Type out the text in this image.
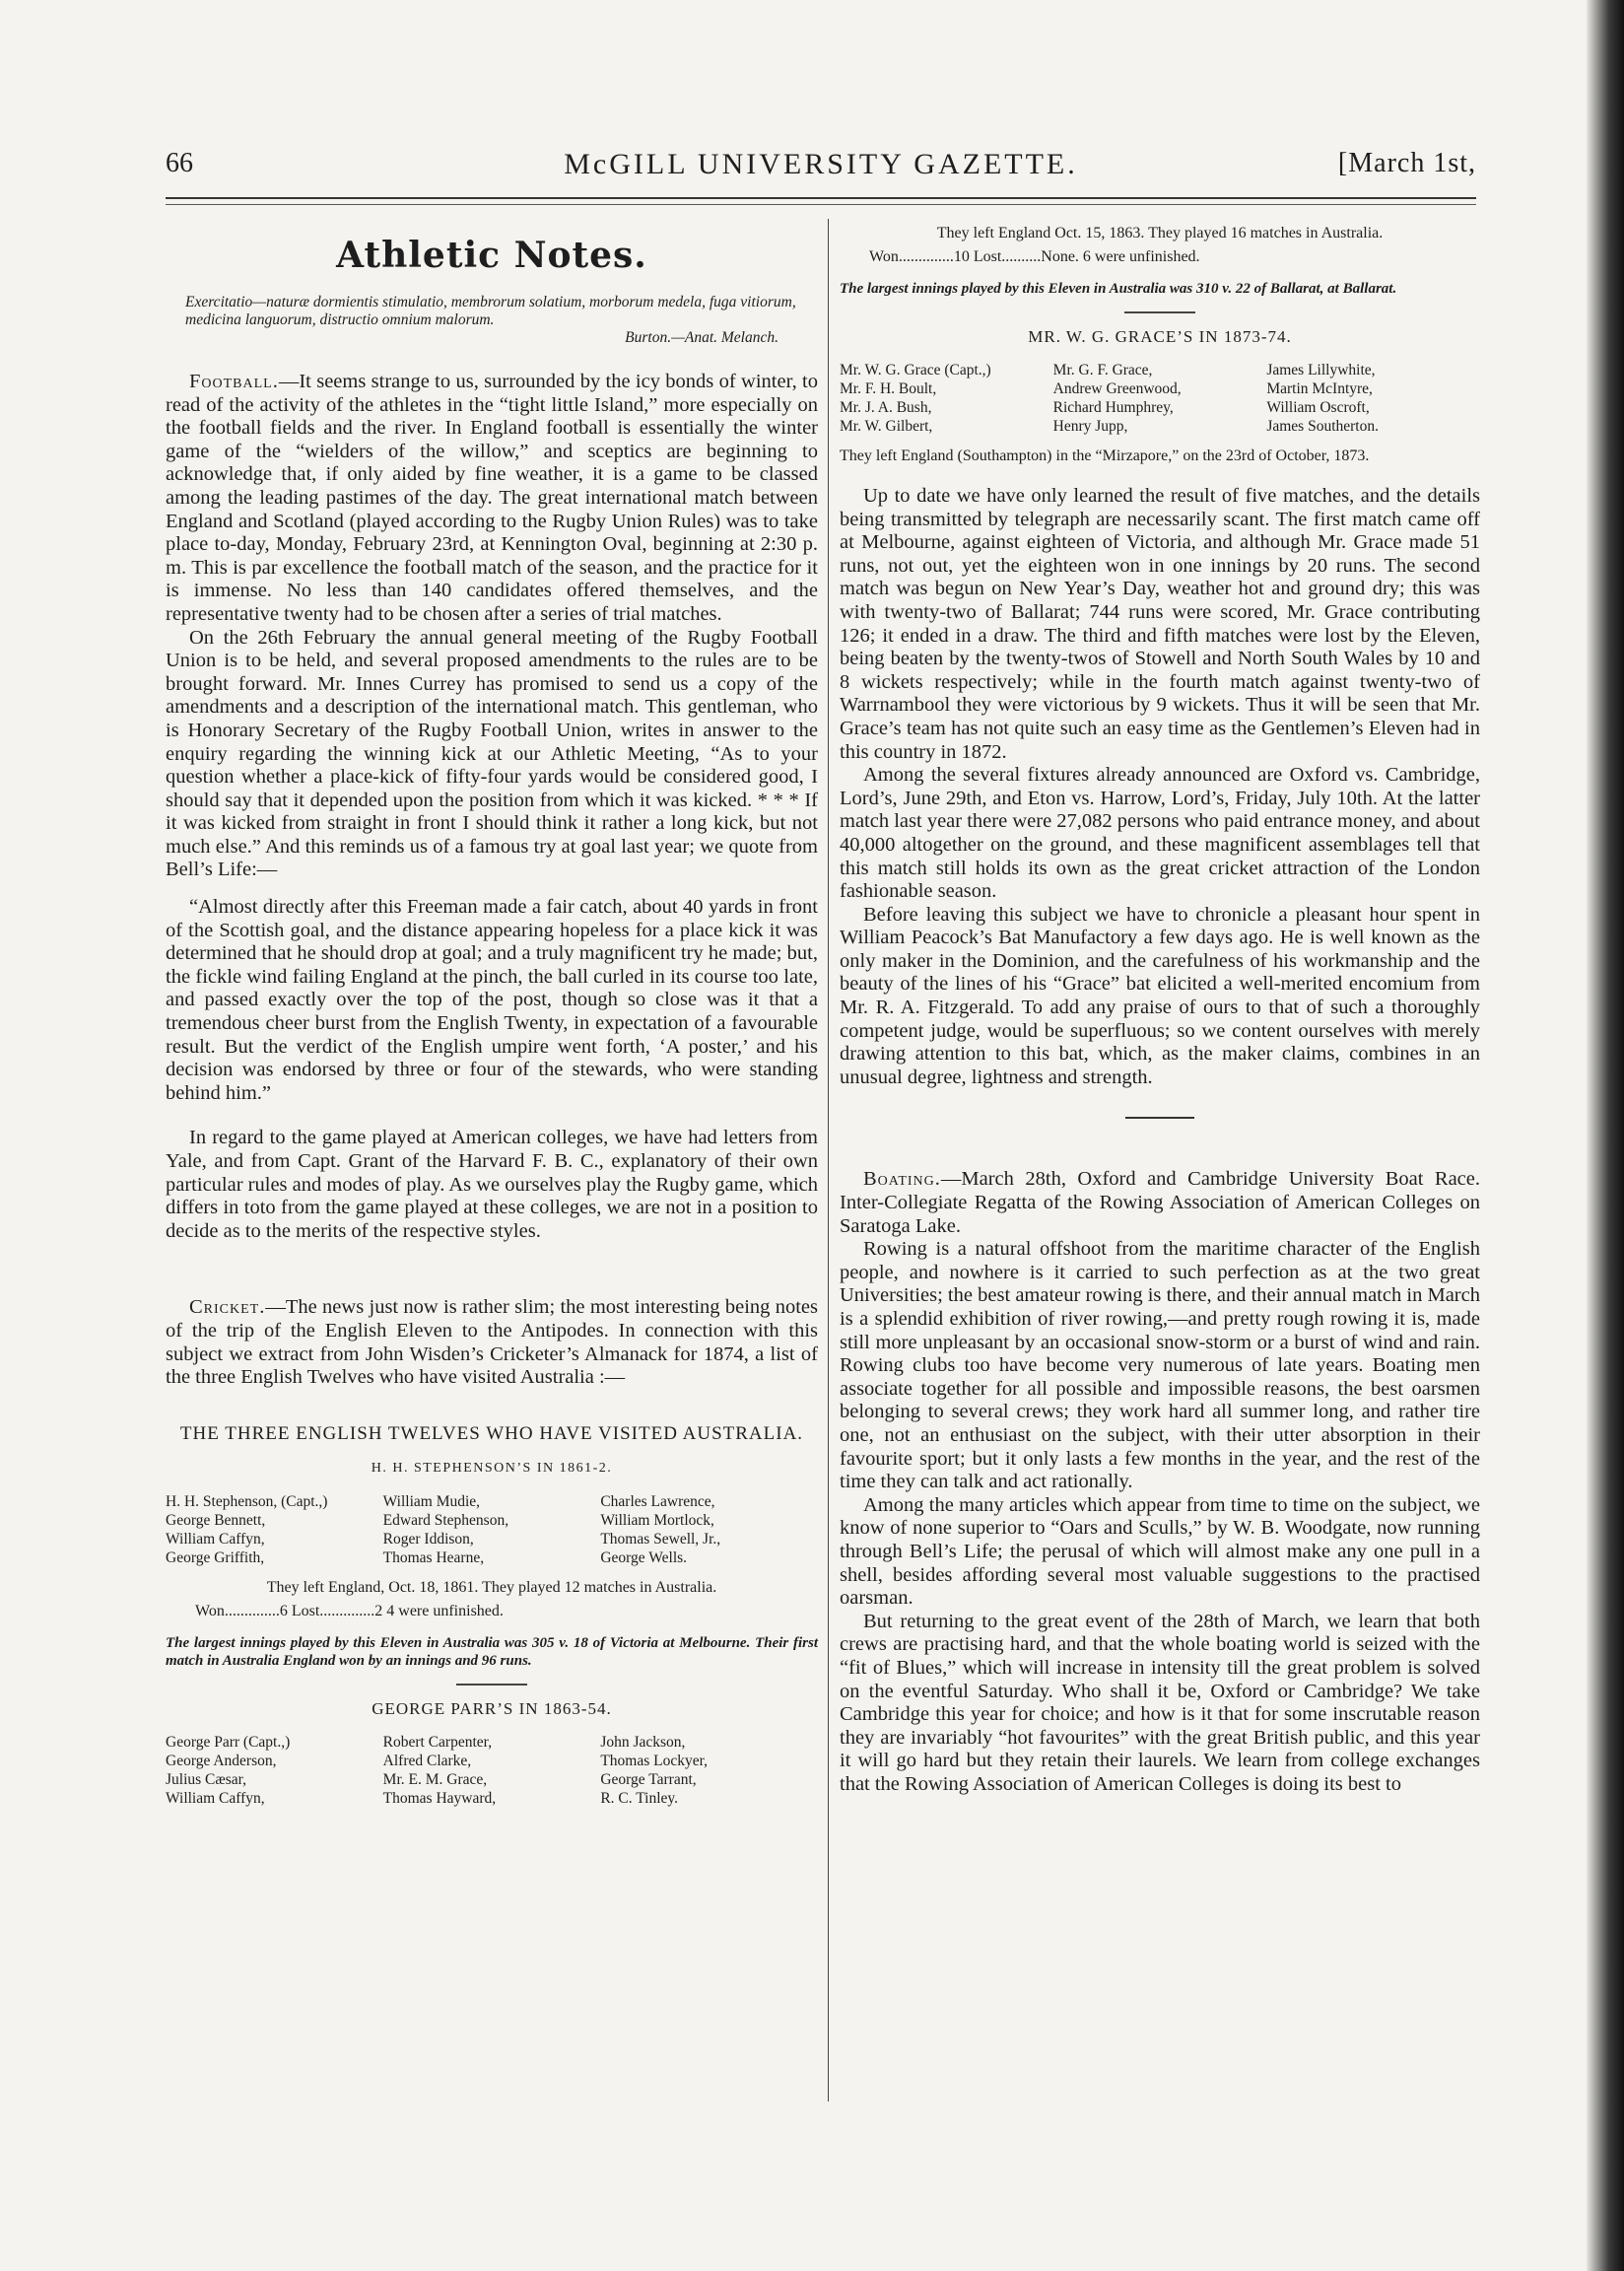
66	McGILL UNIVERSITY GAZETTE.	[March 1st,
Athletic Notes.
Exercitatio—naturæ dormientis stimulatio, membrorum solatium, morborum medela, fuga vitiorum, medicina languorum, distructio omnium malorum.
Burton.—Anat. Melanch.

Football.—It seems strange to us, surrounded by the icy bonds of winter, to read of the activity of the athletes in the “tight little Island,” more especially on the football fields and the river. In England football is essentially the winter game of the “wielders of the willow,” and sceptics are beginning to acknowledge that, if only aided by fine weather, it is a game to be classed among the leading pastimes of the day. The great international match between England and Scotland (played according to the Rugby Union Rules) was to take place to-day, Monday, February 23rd, at Kennington Oval, beginning at 2:30 p. m. This is par excellence the football match of the season, and the practice for it is immense. No less than 140 candidates offered themselves, and the representative twenty had to be chosen after a series of trial matches.

On the 26th February the annual general meeting of the Rugby Football Union is to be held, and several proposed amendments to the rules are to be brought forward. Mr. Innes Currey has promised to send us a copy of the amendments and a description of the international match. This gentleman, who is Honorary Secretary of the Rugby Football Union, writes in answer to the enquiry regarding the winning kick at our Athletic Meeting, “As to your question whether a place-kick of fifty-four yards would be considered good, I should say that it depended upon the position from which it was kicked. * * * If it was kicked from straight in front I should think it rather a long kick, but not much else.” And this reminds us of a famous try at goal last year; we quote from Bell’s Life:—

“Almost directly after this Freeman made a fair catch, about 40 yards in front of the Scottish goal, and the distance appearing hopeless for a place kick it was determined that he should drop at goal; and a truly magnificent try he made; but, the fickle wind failing England at the pinch, the ball curled in its course too late, and passed exactly over the top of the post, though so close was it that a tremendous cheer burst from the English Twenty, in expectation of a favourable result. But the verdict of the English umpire went forth, ‘A poster,’ and his decision was endorsed by three or four of the stewards, who were standing behind him.”

In regard to the game played at American colleges, we have had letters from Yale, and from Capt. Grant of the Harvard F. B. C., explanatory of their own particular rules and modes of play. As we ourselves play the Rugby game, which differs in toto from the game played at these colleges, we are not in a position to decide as to the merits of the respective styles.

Cricket.—The news just now is rather slim; the most interesting being notes of the trip of the English Eleven to the Antipodes. In connection with this subject we extract from John Wisden’s Cricketer’s Almanack for 1874, a list of the three English Twelves who have visited Australia :—

THE THREE ENGLISH TWELVES WHO HAVE VISITED AUSTRALIA.
H. H. STEPHENSON’S IN 1861-2.
H. H. Stephenson, (Capt.,)	William Mudie,	Charles Lawrence,
George Bennett,	Edward Stephenson,	William Mortlock,
William Caffyn,	Roger Iddison,	Thomas Sewell, Jr.,
George Griffith,	Thomas Hearne,	George Wells.
They left England, Oct. 18, 1861. They played 12 matches in Australia.
Won..............6 Lost..............2 4 were unfinished.
The largest innings played by this Eleven in Australia was 305 v. 18 of Victoria at Melbourne. Their first match in Australia England won by an innings and 96 runs.
GEORGE PARR’S IN 1863-54.
George Parr (Capt.,)	Robert Carpenter,	John Jackson,
George Anderson,	Alfred Clarke,	Thomas Lockyer,
Julius Cæsar,	Mr. E. M. Grace,	George Tarrant,
William Caffyn,	Thomas Hayward,	R. C. Tinley.
They left England Oct. 15, 1863. They played 16 matches in Australia.
Won..............10 Lost..........None. 6 were unfinished.
The largest innings played by this Eleven in Australia was 310 v. 22 of Ballarat, at Ballarat.
MR. W. G. GRACE’S IN 1873-74.
Mr. W. G. Grace (Capt.,)	Mr. G. F. Grace,	James Lillywhite,
Mr. F. H. Boult,	Andrew Greenwood,	Martin McIntyre,
Mr. J. A. Bush,	Richard Humphrey,	William Oscroft,
Mr. W. Gilbert,	Henry Jupp,	James Southerton.
They left England (Southampton) in the “Mirzapore,” on the 23rd of October, 1873.

Up to date we have only learned the result of five matches, and the details being transmitted by telegraph are necessarily scant. The first match came off at Melbourne, against eighteen of Victoria, and although Mr. Grace made 51 runs, not out, yet the eighteen won in one innings by 20 runs. The second match was begun on New Year’s Day, weather hot and ground dry; this was with twenty-two of Ballarat; 744 runs were scored, Mr. Grace contributing 126; it ended in a draw. The third and fifth matches were lost by the Eleven, being beaten by the twenty-twos of Stowell and North South Wales by 10 and 8 wickets respectively; while in the fourth match against twenty-two of Warrnambool they were victorious by 9 wickets. Thus it will be seen that Mr. Grace’s team has not quite such an easy time as the Gentlemen’s Eleven had in this country in 1872.

Among the several fixtures already announced are Oxford vs. Cambridge, Lord’s, June 29th, and Eton vs. Harrow, Lord’s, Friday, July 10th. At the latter match last year there were 27,082 persons who paid entrance money, and about 40,000 altogether on the ground, and these magnificent assemblages tell that this match still holds its own as the great cricket attraction of the London fashionable season.

Before leaving this subject we have to chronicle a pleasant hour spent in William Peacock’s Bat Manufactory a few days ago. He is well known as the only maker in the Dominion, and the carefulness of his workmanship and the beauty of the lines of his “Grace” bat elicited a well-merited encomium from Mr. R. A. Fitzgerald. To add any praise of ours to that of such a thoroughly competent judge, would be superfluous; so we content ourselves with merely drawing attention to this bat, which, as the maker claims, combines in an unusual degree, lightness and strength.

Boating.—March 28th, Oxford and Cambridge University Boat Race. Inter-Collegiate Regatta of the Rowing Association of American Colleges on Saratoga Lake.

Rowing is a natural offshoot from the maritime character of the English people, and nowhere is it carried to such perfection as at the two great Universities; the best amateur rowing is there, and their annual match in March is a splendid exhibition of river rowing,—and pretty rough rowing it is, made still more unpleasant by an occasional snow-storm or a burst of wind and rain. Rowing clubs too have become very numerous of late years. Boating men associate together for all possible and impossible reasons, the best oarsmen belonging to several crews; they work hard all summer long, and rather tire one, not an enthusiast on the subject, with their utter absorption in their favourite sport; but it only lasts a few months in the year, and the rest of the time they can talk and act rationally.

Among the many articles which appear from time to time on the subject, we know of none superior to “Oars and Sculls,” by W. B. Woodgate, now running through Bell’s Life; the perusal of which will almost make any one pull in a shell, besides affording several most valuable suggestions to the practised oarsman.

But returning to the great event of the 28th of March, we learn that both crews are practising hard, and that the whole boating world is seized with the “fit of Blues,” which will increase in intensity till the great problem is solved on the eventful Saturday. Who shall it be, Oxford or Cambridge? We take Cambridge this year for choice; and how is it that for some inscrutable reason they are invariably “hot favourites” with the great British public, and this year it will go hard but they retain their laurels. We learn from college exchanges that the Rowing Association of American Colleges is doing its best to
